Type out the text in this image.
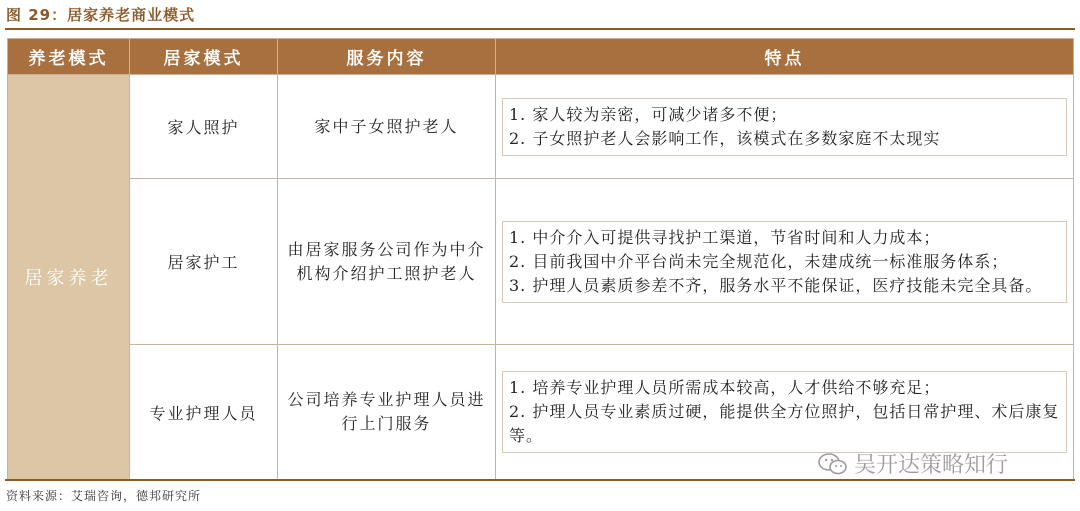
图 29：居家养老商业模式
养老模式	居家模式	服务内容	特点
居家养老	家人照护	家中子女照护老人	1. 家人较为亲密，可减少诸多不便；
2. 子女照护老人会影响工作，该模式在多数家庭不太现实

	居家护工	由居家服务公司作为中介机构介绍护工照护老人	1. 中介介入可提供寻找护工渠道，节省时间和人力成本；
2. 目前我国中介平台尚未完全规范化，未建成统一标准服务体系；
3. 护理人员素质参差不齐，服务水平不能保证，医疗技能未完全具备。

	专业护理人员	公司培养专业护理人员进行上门服务	1. 培养专业护理人员所需成本较高，人才供给不够充足；
2. 护理人员专业素质过硬，能提供全方位照护，包括日常护理、术后康复等。
吴开达策略知行
资料来源：艾瑞咨询，德邦研究所
